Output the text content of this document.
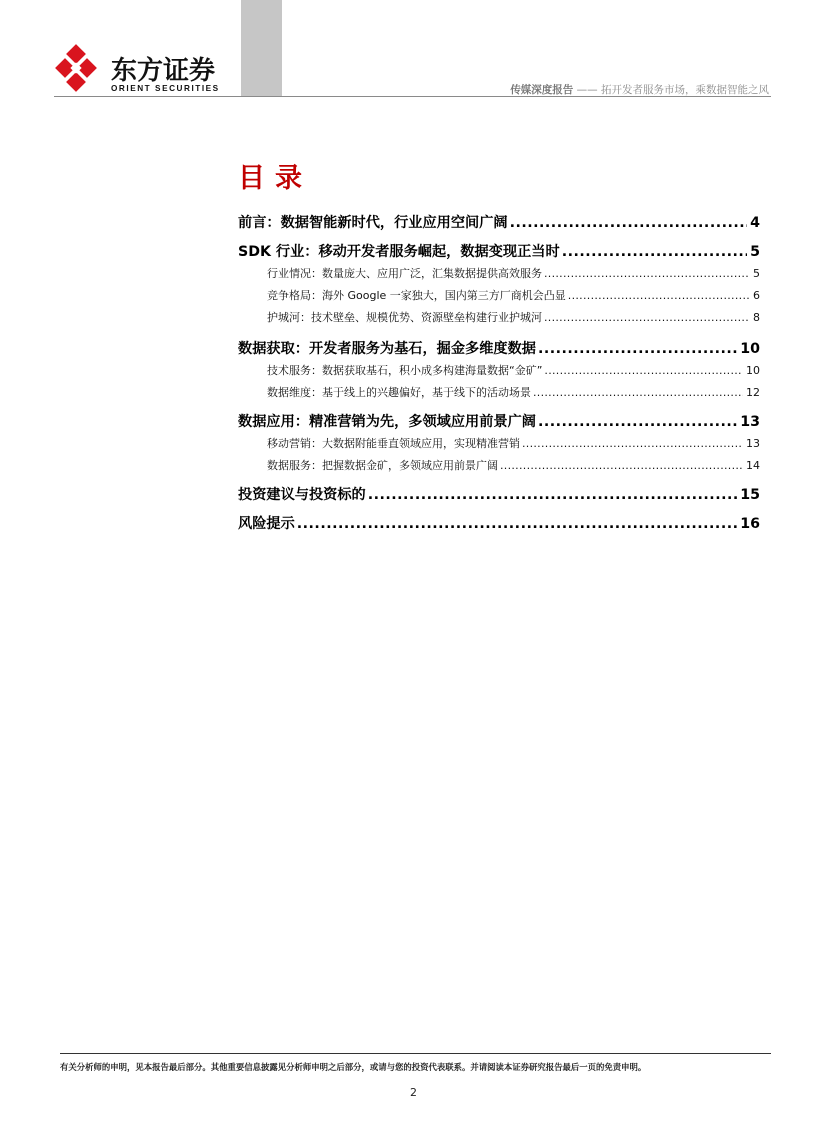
东方证券
ORIENT SECURITIES	传媒深度报告 —— 拓开发者服务市场，乘数据智能之风
目录
前言：数据智能新时代，行业应用空间广阔 .....	4
SDK 行业：移动开发者服务崛起，数据变现正当时 .....	5
行业情况：数量庞大、应用广泛，汇集数据提供高效服务 .....	5
竞争格局：海外 Google 一家独大，国内第三方厂商机会凸显 .....	6
护城河：技术壁垒、规模优势、资源壁垒构建行业护城河 .....	8
数据获取：开发者服务为基石，掘金多维度数据 .....	10
技术服务：数据获取基石，积小成多构建海量数据“金矿” .....	10
数据维度：基于线上的兴趣偏好，基于线下的活动场景 .....	12
数据应用：精准营销为先，多领域应用前景广阔 .....	13
移动营销：大数据附能垂直领域应用，实现精准营销 .....	13
数据服务：把握数据金矿，多领域应用前景广阔 .....	14
投资建议与投资标的 .....	15
风险提示 .....	16
有关分析师的申明，见本报告最后部分。其他重要信息披露见分析师申明之后部分，或请与您的投资代表联系。并请阅读本证券研究报告最后一页的免责申明。
2
